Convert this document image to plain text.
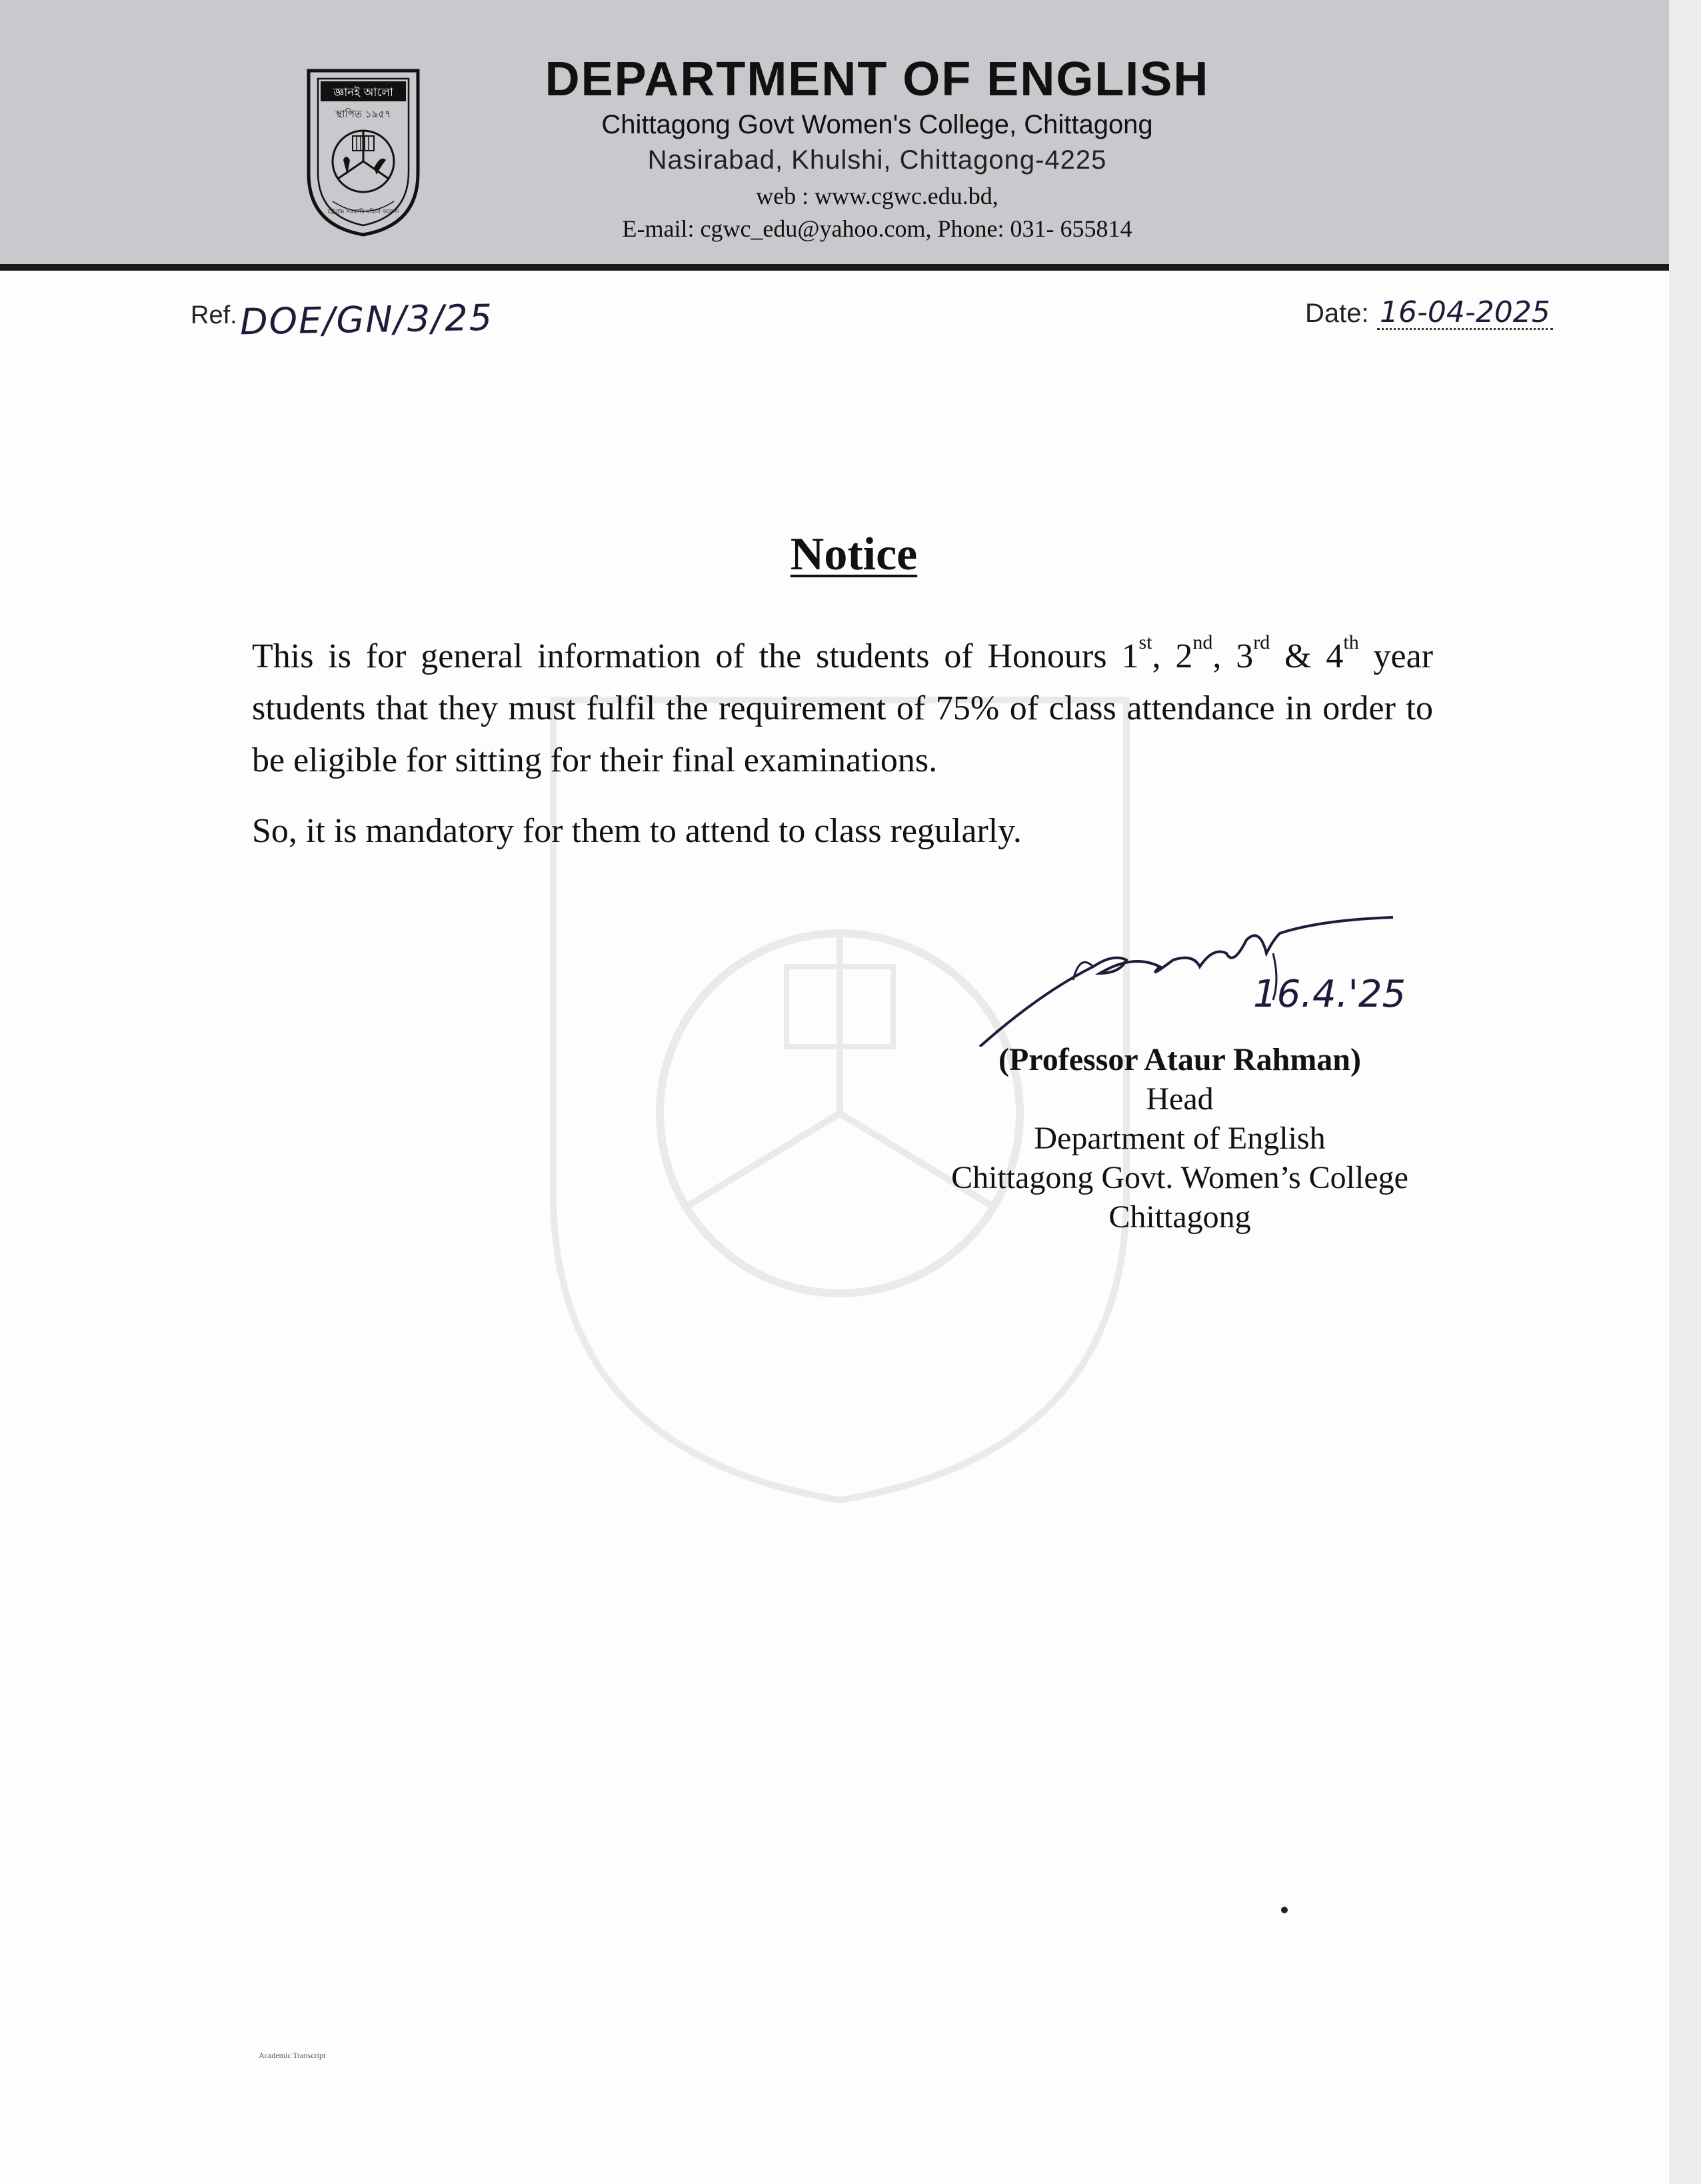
জ্ঞানই আলো
স্থাপিত ১৯৫৭
চট্টগ্রাম সরকারি মহিলা কলেজ
DEPARTMENT OF ENGLISH
Chittagong Govt Women's College, Chittagong
Nasirabad, Khulshi, Chittagong-4225
web : www.cgwc.edu.bd,
E-mail: cgwc_edu@yahoo.com, Phone: 031- 655814
Ref. DOE/GN/3/25	Date: 16-04-2025
Notice

This is for general information of the students of Honours 1st, 2nd, 3rd & 4th year students that they must fulfil the requirement of 75% of class attendance in order to be eligible for sitting for their final examinations.

So, it is mandatory for them to attend to class regularly.
16.4.'25
(Professor Ataur Rahman)
Head
Department of English
Chittagong Govt. Women’s College
Chittagong
Academic Transcript
